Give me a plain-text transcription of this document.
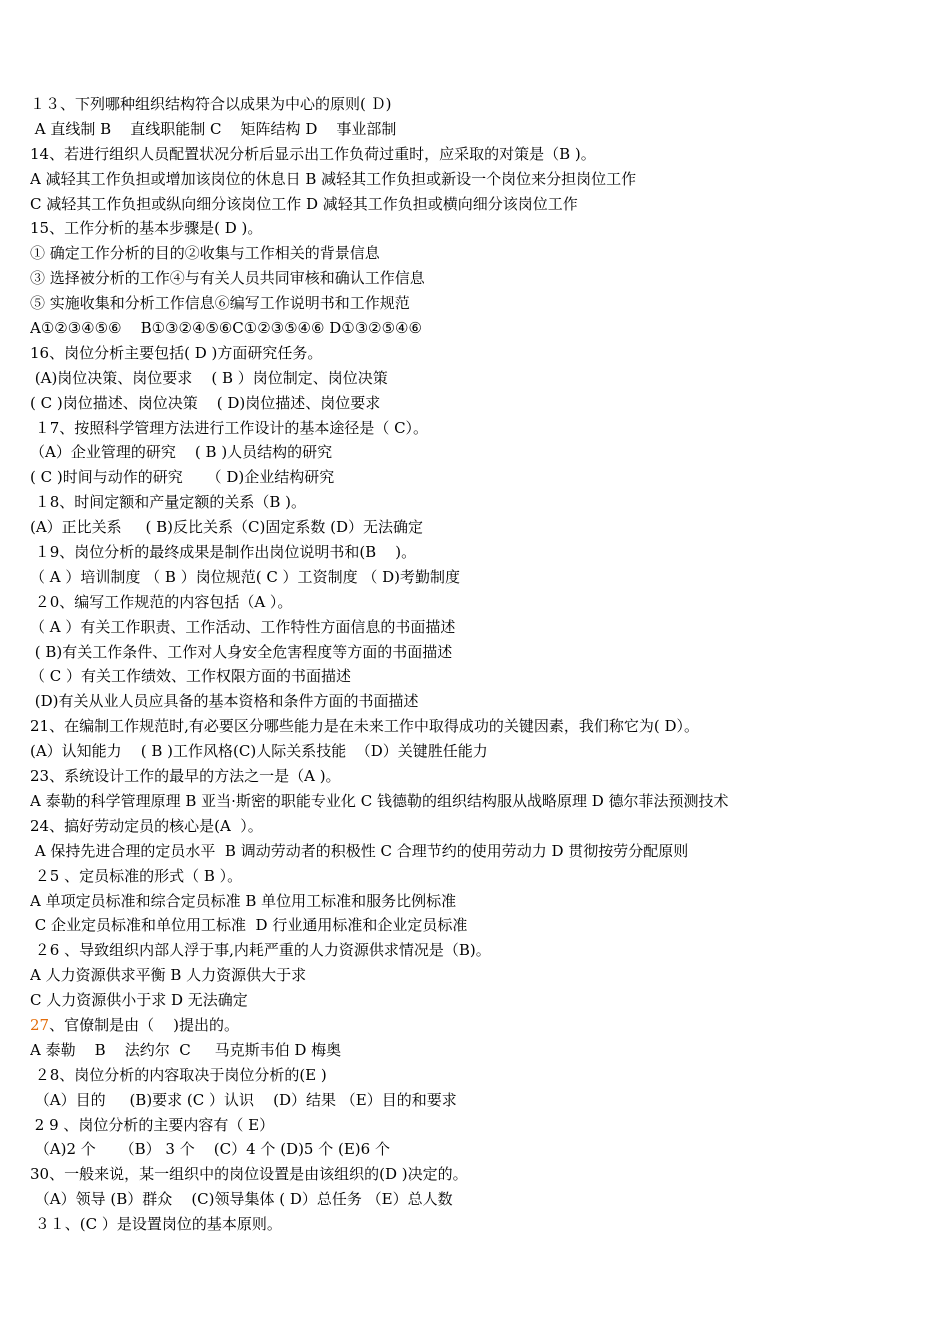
１３、下列哪种组织结构符合以成果为中心的原则( Ｄ)
A 直线制 B    直线职能制 C    矩阵结构 D    事业部制
14、若进行组织人员配置状况分析后显示出工作负荷过重时，应采取的对策是（B )。
A 减轻其工作负担或增加该岗位的休息日 B 减轻其工作负担或新设一个岗位来分担岗位工作
C 减轻其工作负担或纵向细分该岗位工作 D 减轻其工作负担或横向细分该岗位工作
15、工作分析的基本步骤是( D )。
① 确定工作分析的目的②收集与工作相关的背景信息
③ 选择被分析的工作④与有关人员共同审核和确认工作信息
⑤ 实施收集和分析工作信息⑥编写工作说明书和工作规范
A①②③④⑤⑥    B①③②④⑤⑥C①②③⑤④⑥ D①③②⑤④⑥
16、岗位分析主要包括( D )方面研究任务。
(A)岗位决策、岗位要求    ( B ）岗位制定、岗位决策
( C )岗位描述、岗位决策    ( D)岗位描述、岗位要求
１7、按照科学管理方法进行工作设计的基本途径是（ C）。
（A）企业管理的研究    ( B )人员结构的研究
( C )时间与动作的研究     （ D)企业结构研究
１8、时间定额和产量定额的关系（B )。
(A）正比关系     ( B)反比关系（C)固定系数 (D）无法确定
１9、岗位分析的最终成果是制作出岗位说明书和(B    )。
（ A ）培训制度 （ B ）岗位规范( C ）工资制度 （ D)考勤制度
２0、编写工作规范的内容包括（A ）。
（ A ）有关工作职责、工作活动、工作特性方面信息的书面描述
( B)有关工作条件、工作对人身安全危害程度等方面的书面描述
（ C ）有关工作绩效、工作权限方面的书面描述
(D)有关从业人员应具备的基本资格和条件方面的书面描述
21、在编制工作规范时,有必要区分哪些能力是在未来工作中取得成功的关键因素，我们称它为( D）。
(A）认知能力    ( B )工作风格(C)人际关系技能  （D）关键胜任能力
23、系统设计工作的最早的方法之一是（A )。
A 泰勒的科学管理原理 B 亚当·斯密的职能专业化 C 钱德勒的组织结构服从战略原理 D 德尔菲法预测技术
24、搞好劳动定员的核心是(A  ）。
A 保持先进合理的定员水平  B 调动劳动者的积极性 C 合理节约的使用劳动力 D 贯彻按劳分配原则
２5 、定员标准的形式（ B ）。
A 单项定员标准和综合定员标准 B 单位用工标准和服务比例标准
C 企业定员标准和单位用工标准  D 行业通用标准和企业定员标准
２6 、导致组织内部人浮于事,内耗严重的人力资源供求情况是（B)。
A 人力资源供求平衡 B 人力资源供大于求
C 人力资源供小于求 D 无法确定
27、官僚制是由（    )提出的。
A 泰勒    B    法约尔  C     马克斯韦伯 D 梅奥
２8、岗位分析的内容取决于岗位分析的(E )
（A）目的     (B)要求 (C ）认识    (D）结果 （E）目的和要求
2 9 、岗位分析的主要内容有（ E）
（A)2 个     （B） 3 个    (C）4 个 (D)5 个 (E)6 个
30、一般来说，某一组织中的岗位设置是由该组织的(D )决定的。
（A）领导 (B）群众    (C)领导集体 ( D）总任务 （E）总人数
３１、(C ）是设置岗位的基本原则。
